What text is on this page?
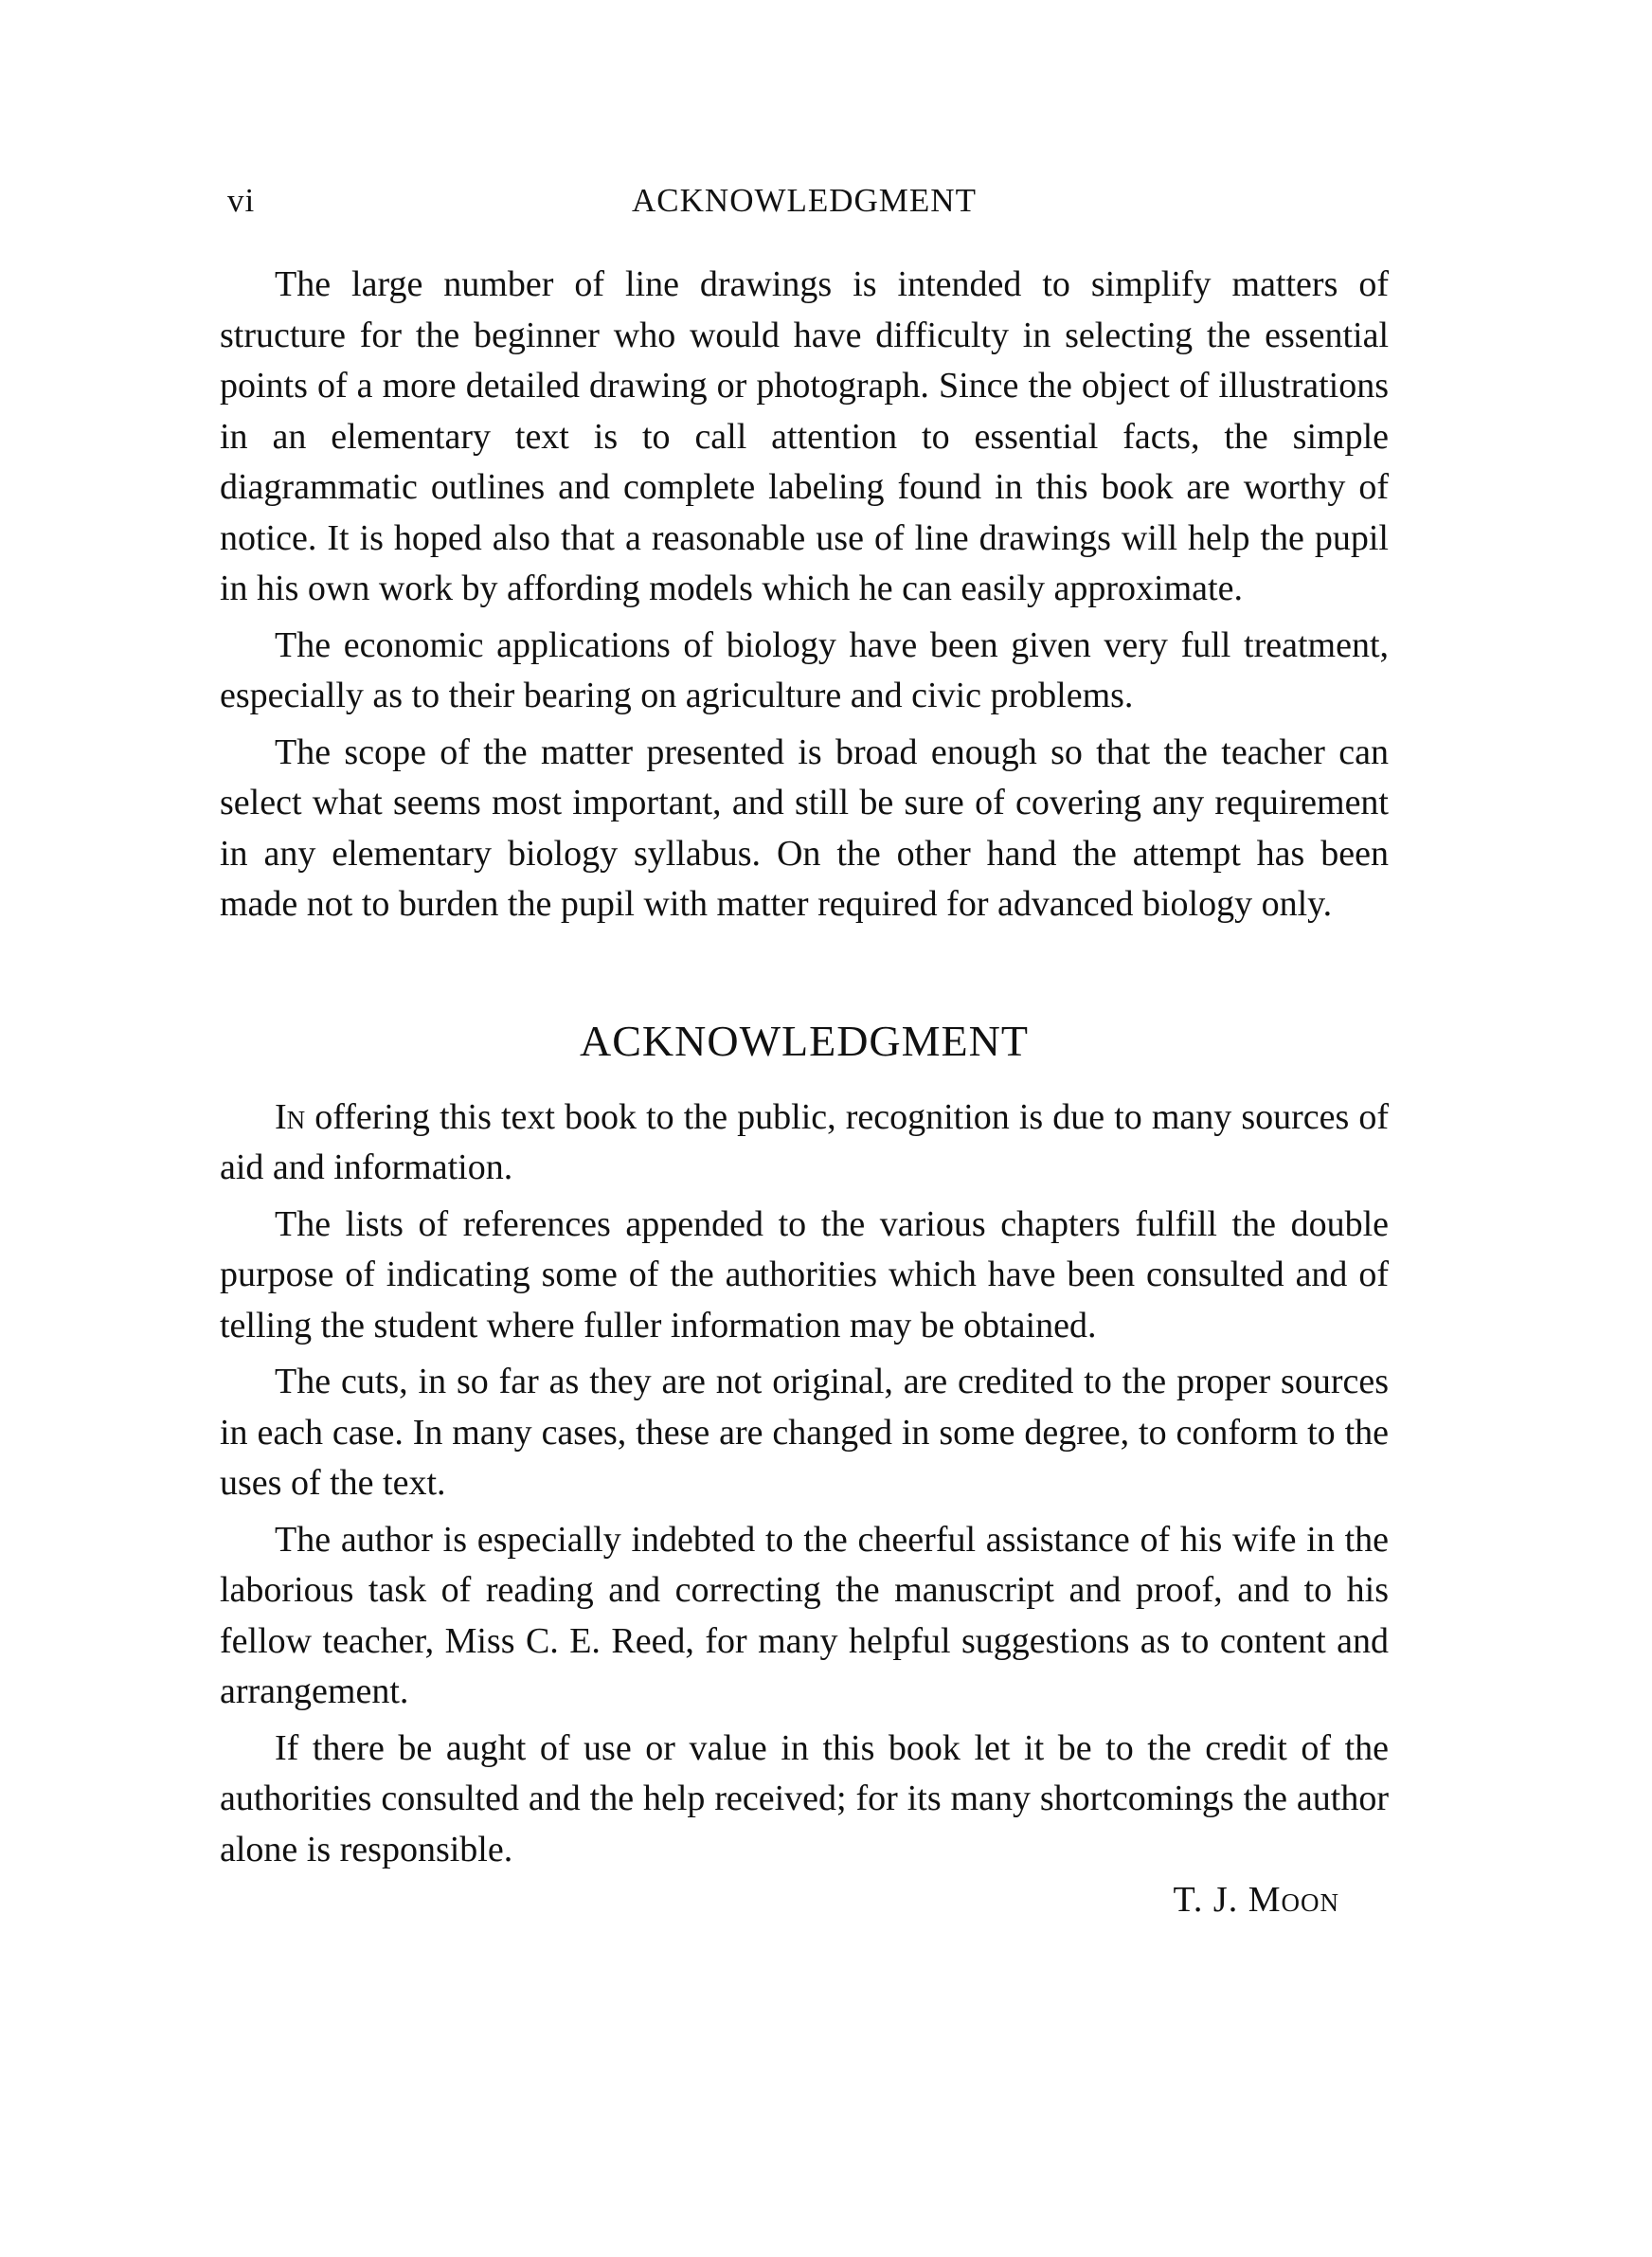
vi	ACKNOWLEDGMENT

The large number of line drawings is intended to simplify matters of structure for the beginner who would have difficulty in selecting the essential points of a more detailed drawing or photograph. Since the object of illustrations in an elementary text is to call attention to essential facts, the simple diagrammatic outlines and complete labeling found in this book are worthy of notice. It is hoped also that a reasonable use of line drawings will help the pupil in his own work by affording models which he can easily approximate.

The economic applications of biology have been given very full treatment, especially as to their bearing on agriculture and civic problems.

The scope of the matter presented is broad enough so that the teacher can select what seems most important, and still be sure of covering any requirement in any elementary biology syllabus. On the other hand the attempt has been made not to burden the pupil with matter required for advanced biology only.

ACKNOWLEDGMENT

In offering this text book to the public, recognition is due to many sources of aid and information.

The lists of references appended to the various chapters fulfill the double purpose of indicating some of the authorities which have been consulted and of telling the student where fuller information may be obtained.

The cuts, in so far as they are not original, are credited to the proper sources in each case. In many cases, these are changed in some degree, to conform to the uses of the text.

The author is especially indebted to the cheerful assistance of his wife in the laborious task of reading and correcting the manuscript and proof, and to his fellow teacher, Miss C. E. Reed, for many helpful suggestions as to content and arrangement.

If there be aught of use or value in this book let it be to the credit of the authorities consulted and the help received; for its many shortcomings the author alone is responsible.

T. J. Moon
